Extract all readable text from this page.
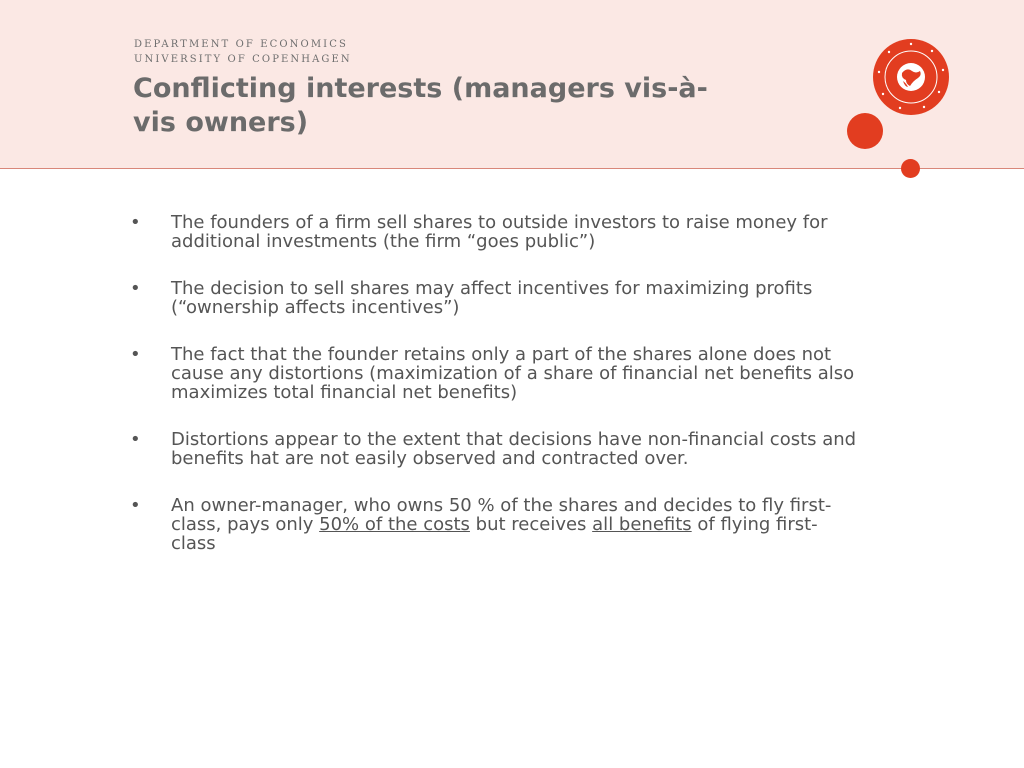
DEPARTMENT OF ECONOMICS
UNIVERSITY OF COPENHAGEN
Conflicting interests (managers vis-à-
vis owners)
•	The founders of a firm sell shares to outside investors to raise money for additional investments (the firm “goes public”)
•	The decision to sell shares may affect incentives for maximizing profits (“ownership affects incentives”)
•	The fact that the founder retains only a part of the shares alone does not cause any distortions (maximization of a share of financial net benefits also maximizes total financial net benefits)
•	Distortions appear to the extent that decisions have non-financial costs and benefits hat are not easily observed and contracted over.
•	An owner-manager, who owns 50 % of the shares and decides to fly first-class, pays only 50% of the costs but receives all benefits of flying first-class
